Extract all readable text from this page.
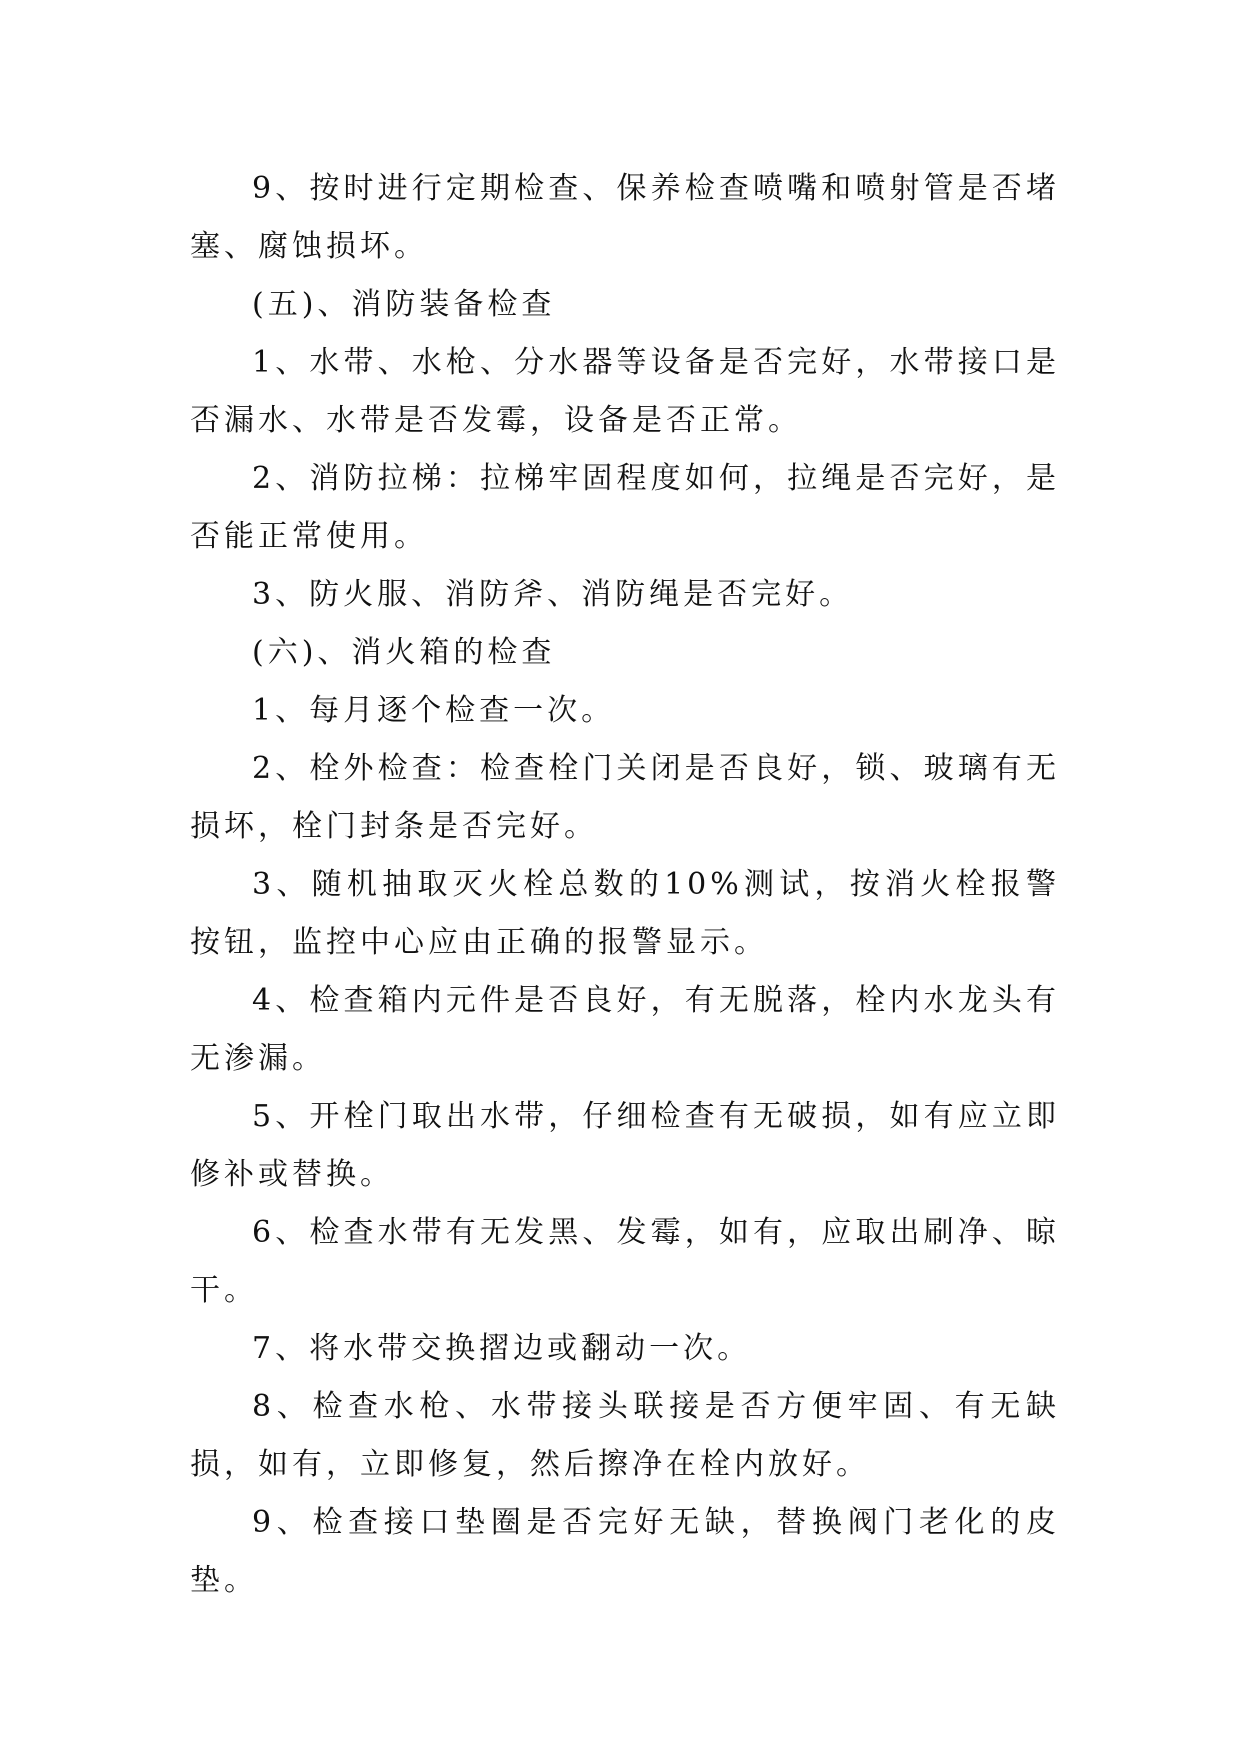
9、按时进行定期检查、保养检查喷嘴和喷射管是否堵塞、腐蚀损坏。

(五)、消防装备检查

1、水带、水枪、分水器等设备是否完好，水带接口是否漏水、水带是否发霉，设备是否正常。

2、消防拉梯：拉梯牢固程度如何，拉绳是否完好，是否能正常使用。

3、防火服、消防斧、消防绳是否完好。

(六)、消火箱的检查

1、每月逐个检查一次。

2、栓外检查：检查栓门关闭是否良好，锁、玻璃有无损坏，栓门封条是否完好。

3、随机抽取灭火栓总数的10%测试，按消火栓报警按钮，监控中心应由正确的报警显示。

4、检查箱内元件是否良好，有无脱落，栓内水龙头有无渗漏。

5、开栓门取出水带，仔细检查有无破损，如有应立即修补或替换。

6、检查水带有无发黑、发霉，如有，应取出刷净、晾干。

7、将水带交换摺边或翻动一次。

8、检查水枪、水带接头联接是否方便牢固、有无缺损，如有，立即修复，然后擦净在栓内放好。

9、检查接口垫圈是否完好无缺，替换阀门老化的皮垫。
